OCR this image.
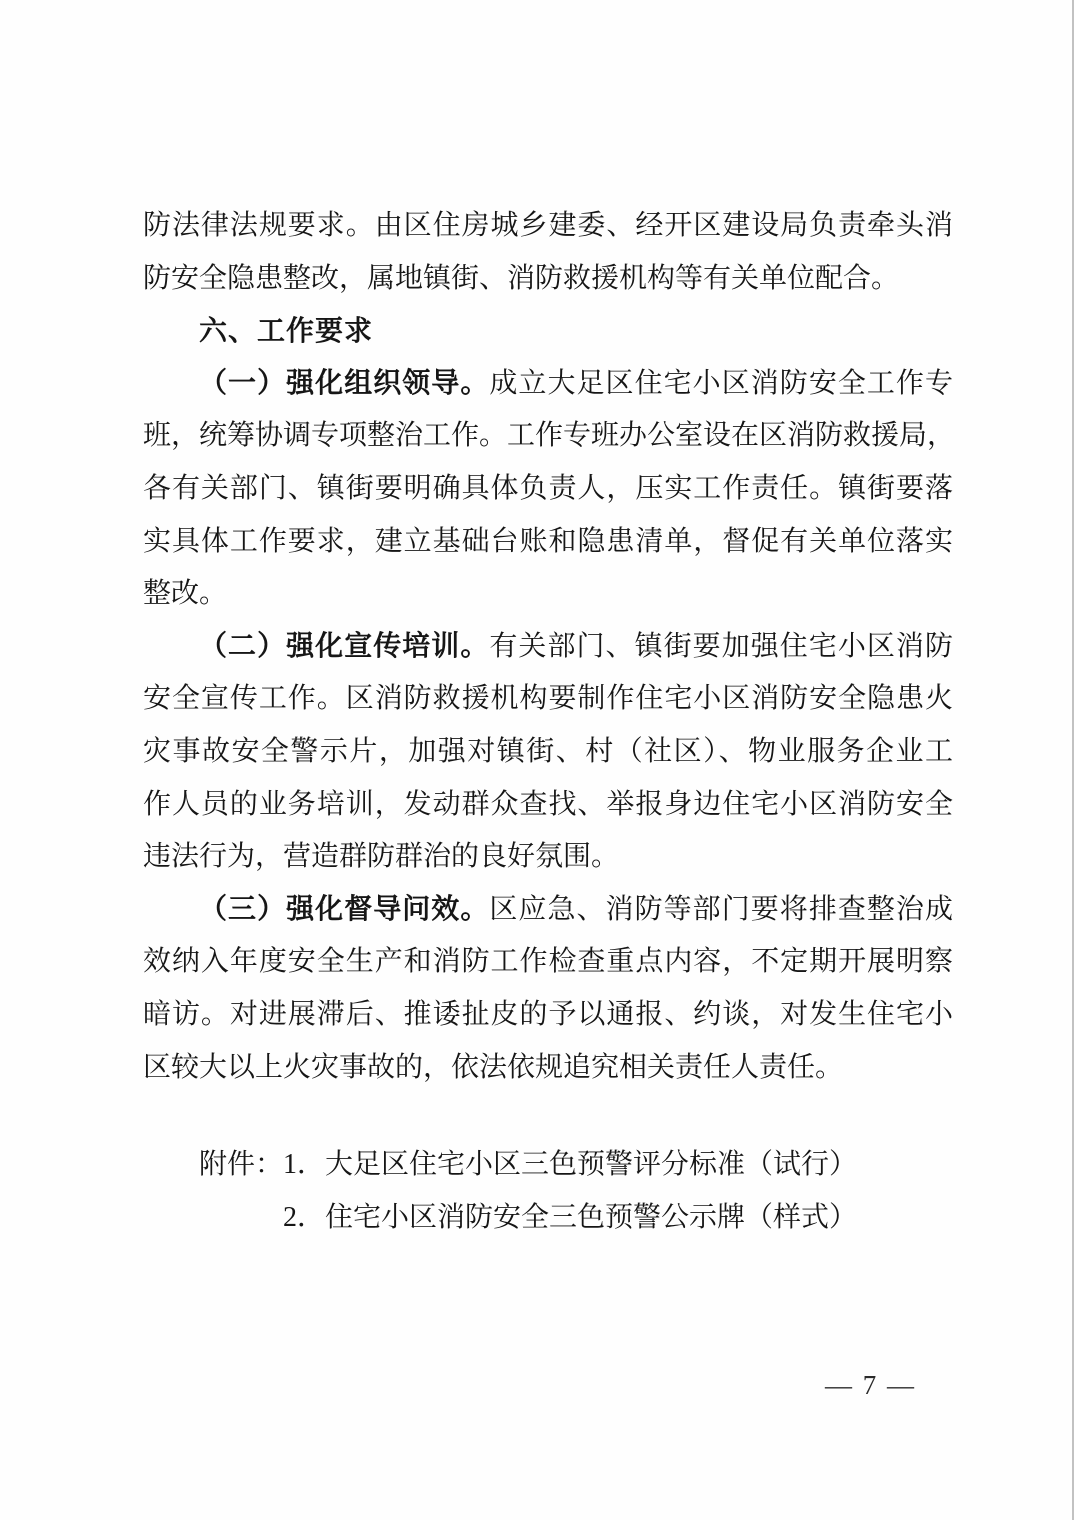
防法律法规要求。由区住房城乡建委、经开区建设局负责牵头消
防安全隐患整改，属地镇街、消防救援机构等有关单位配合。
六、工作要求
（一）强化组织领导。成立大足区住宅小区消防安全工作专
班，统筹协调专项整治工作。工作专班办公室设在区消防救援局，
各有关部门、镇街要明确具体负责人，压实工作责任。镇街要落
实具体工作要求，建立基础台账和隐患清单，督促有关单位落实
整改。
（二）强化宣传培训。有关部门、镇街要加强住宅小区消防
安全宣传工作。区消防救援机构要制作住宅小区消防安全隐患火
灾事故安全警示片，加强对镇街、村（社区）、物业服务企业工
作人员的业务培训，发动群众查找、举报身边住宅小区消防安全
违法行为，营造群防群治的良好氛围。
（三）强化督导问效。区应急、消防等部门要将排查整治成
效纳入年度安全生产和消防工作检查重点内容，不定期开展明察
暗访。对进展滞后、推诿扯皮的予以通报、约谈，对发生住宅小
区较大以上火灾事故的，依法依规追究相关责任人责任。
附件：1．大足区住宅小区三色预警评分标准（试行）
2．住宅小区消防安全三色预警公示牌（样式）
— 7 —
